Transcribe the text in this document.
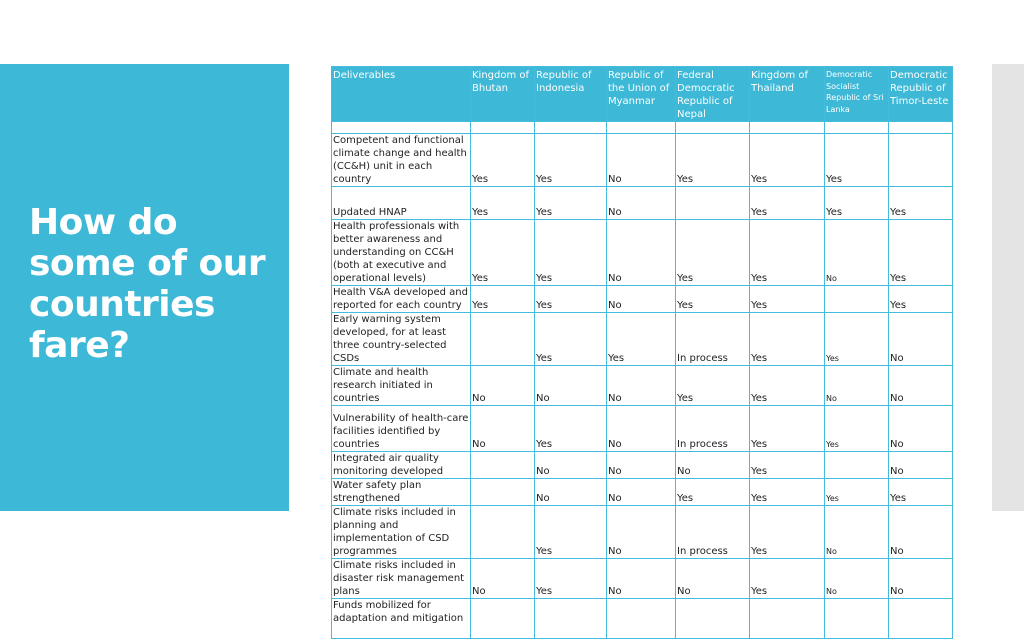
How do some of our countries fare?
Deliverables	Kingdom of Bhutan	Republic of Indonesia	Republic of the Union of Myanmar	Federal Democratic Republic of Nepal	Kingdom of Thailand	Democratic Socialist Republic of Sri Lanka	Democratic Republic of Timor-Leste

Competent and functional climate change and health (CC&H) unit in each country	Yes	Yes	No	Yes	Yes	Yes	
Updated HNAP	Yes	Yes	No		Yes	Yes	Yes
Health professionals with better awareness and understanding on CC&H (both at executive and operational levels)	Yes	Yes	No	Yes	Yes	No	Yes
Health V&A developed and reported for each country	Yes	Yes	No	Yes	Yes		Yes
Early warning system developed, for at least three country-selected CSDs		Yes	Yes	In process	Yes	Yes	No
Climate and health research initiated in countries	No	No	No	Yes	Yes	No	No
Vulnerability of health-care facilities identified by countries	No	Yes	No	In process	Yes	Yes	No
Integrated air quality monitoring developed		No	No	No	Yes		No
Water safety plan strengthened		No	No	Yes	Yes	Yes	Yes
Climate risks included in planning and implementation of CSD programmes		Yes	No	In process	Yes	No	No
Climate risks included in disaster risk management plans	No	Yes	No	No	Yes	No	No
Funds mobilized for adaptation and mitigation							
